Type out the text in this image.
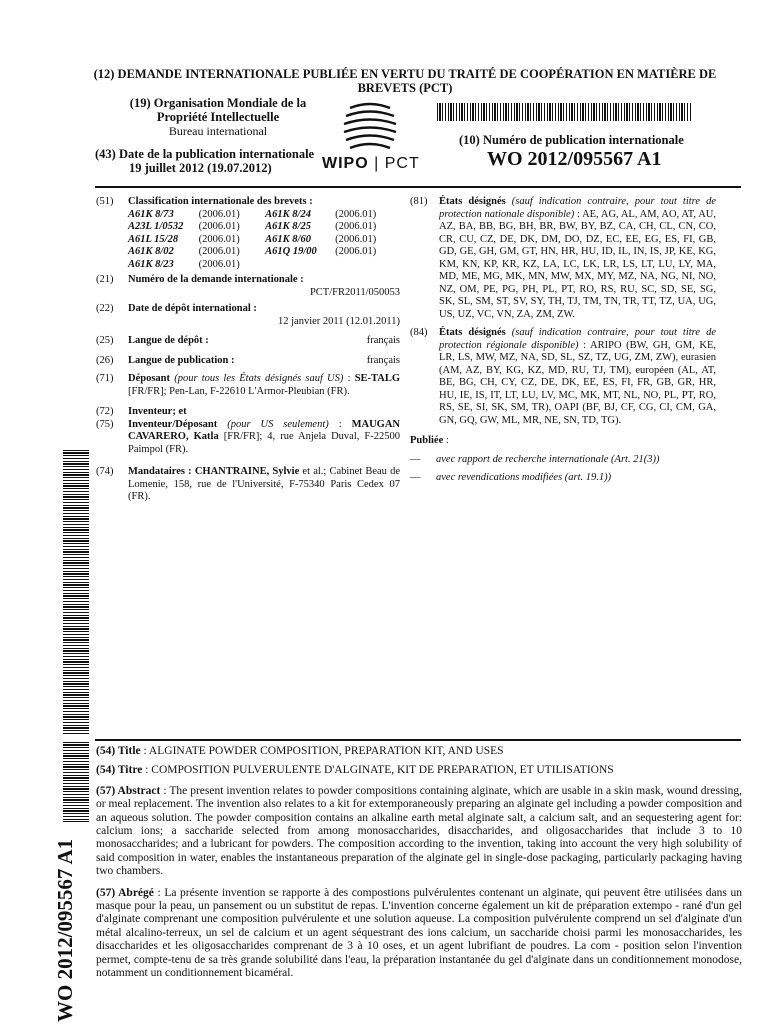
(12) DEMANDE INTERNATIONALE PUBLIÉE EN VERTU DU TRAITÉ DE COOPÉRATION EN MATIÈRE DE
BREVETS (PCT)
(19) Organisation Mondiale de la
Propriété Intellectuelle
Bureau international
WIPO | PCT
(10) Numéro de publication internationale
WO 2012/095567 A1
(43) Date de la publication internationale
19 juillet 2012 (19.07.2012)
(51)	Classification internationale des brevets :
A61K 8/73	(2006.01)	A61K 8/24	(2006.01)
A23L 1/0532	(2006.01)	A61K 8/25	(2006.01)
A61L 15/28	(2006.01)	A61K 8/60	(2006.01)
A61K 8/02	(2006.01)	A61Q 19/00	(2006.01)
A61K 8/23	(2006.01)		
(21)	Numéro de la demande internationale :
PCT/FR2011/050053
(22)	Date de dépôt international :
12 janvier 2011 (12.01.2011)
(25)	Langue de dépôt :	français
(26)	Langue de publication :	français
(71)	Déposant (pour tous les États désignés sauf US) : SE-TALG [FR/FR]; Pen-Lan, F-22610 L'Armor-Pleubian (FR).
(72)	Inventeur; et
(75)	Inventeur/Déposant (pour US seulement) : MAUGAN CAVARERO, Katla [FR/FR]; 4, rue Anjela Duval, F-22500 Paimpol (FR).
(74)	Mandataires : CHANTRAINE, Sylvie et al.; Cabinet Beau de Lomenie, 158, rue de l'Université, F-75340 Paris Cedex 07 (FR).
(81)	États désignés (sauf indication contraire, pour tout titre de protection nationale disponible) : AE, AG, AL, AM, AO, AT, AU, AZ, BA, BB, BG, BH, BR, BW, BY, BZ, CA, CH, CL, CN, CO, CR, CU, CZ, DE, DK, DM, DO, DZ, EC, EE, EG, ES, FI, GB, GD, GE, GH, GM, GT, HN, HR, HU, ID, IL, IN, IS, JP, KE, KG, KM, KN, KP, KR, KZ, LA, LC, LK, LR, LS, LT, LU, LY, MA, MD, ME, MG, MK, MN, MW, MX, MY, MZ, NA, NG, NI, NO, NZ, OM, PE, PG, PH, PL, PT, RO, RS, RU, SC, SD, SE, SG, SK, SL, SM, ST, SV, SY, TH, TJ, TM, TN, TR, TT, TZ, UA, UG, US, UZ, VC, VN, ZA, ZM, ZW.
(84)	États désignés (sauf indication contraire, pour tout titre de protection régionale disponible) : ARIPO (BW, GH, GM, KE, LR, LS, MW, MZ, NA, SD, SL, SZ, TZ, UG, ZM, ZW), eurasien (AM, AZ, BY, KG, KZ, MD, RU, TJ, TM), européen (AL, AT, BE, BG, CH, CY, CZ, DE, DK, EE, ES, FI, FR, GB, GR, HR, HU, IE, IS, IT, LT, LU, LV, MC, MK, MT, NL, NO, PL, PT, RO, RS, SE, SI, SK, SM, TR), OAPI (BF, BJ, CF, CG, CI, CM, GA, GN, GQ, GW, ML, MR, NE, SN, TD, TG).
Publiée :
— avec rapport de recherche internationale (Art. 21(3))
— avec revendications modifiées (art. 19.1))
WO 2012/095567 A1
(54) Title : ALGINATE POWDER COMPOSITION, PREPARATION KIT, AND USES
(54) Titre : COMPOSITION PULVERULENTE D'ALGINATE, KIT DE PREPARATION, ET UTILISATIONS
(57) Abstract : The present invention relates to powder compositions containing alginate, which are usable in a skin mask, wound dressing, or meal replacement. The invention also relates to a kit for extemporaneously preparing an alginate gel including a powder composition and an aqueous solution. The powder composition contains an alkaline earth metal alginate salt, a calcium salt, and an sequestering agent for: calcium ions; a saccharide selected from among monosaccharides, disaccharides, and oligosaccharides that include 3 to 10 monosaccharides; and a lubricant for powders. The composition according to the invention, taking into account the very high solubility of said composition in water, enables the instantaneous preparation of the alginate gel in single-dose packaging, particularly packaging having two chambers.
(57) Abrégé : La présente invention se rapporte à des compostions pulvérulentes contenant un alginate, qui peuvent être utilisées dans un masque pour la peau, un pansement ou un substitut de repas. L'invention concerne également un kit de préparation extempo - rané d'un gel d'alginate comprenant une composition pulvérulente et une solution aqueuse. La composition pulvérulente comprend un sel d'alginate d'un métal alcalino-terreux, un sel de calcium et un agent séquestrant des ions calcium, un saccharide choisi parmi les monosaccharides, les disaccharides et les oligosaccharides comprenant de 3 à 10 oses, et un agent lubrifiant de poudres. La com - position selon l'invention permet, compte-tenu de sa très grande solubilité dans l'eau, la préparation instantanée du gel d'alginate dans un conditionnement monodose, notamment un conditionnement bicaméral.
